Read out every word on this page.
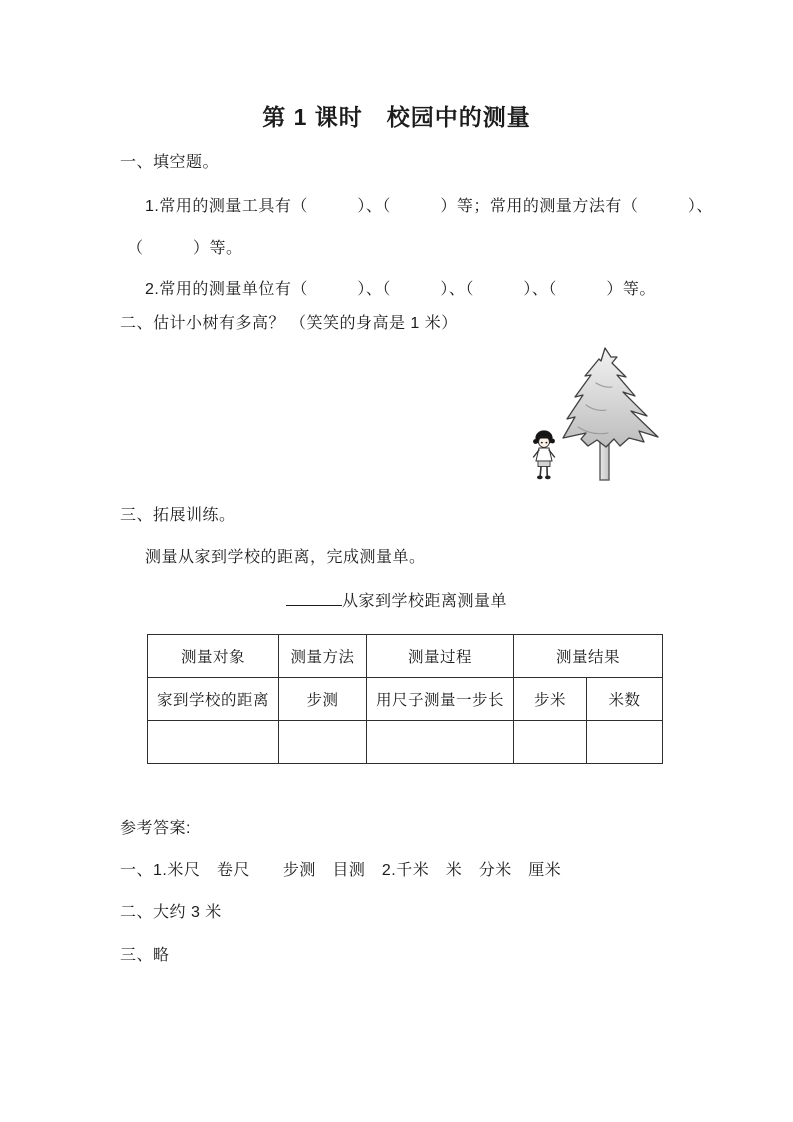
第 1 课时　校园中的测量
一、填空题。
1.常用的测量工具有（　　　）、（　　　）等；常用的测量方法有（　　　）、
（　　　）等。
2.常用的测量单位有（　　　）、（　　　）、（　　　）、（　　　）等。
二、估计小树有多高？ （笑笑的身高是 1 米）
三、拓展训练。
测量从家到学校的距离，完成测量单。
从家到学校距离测量单
测量对象	测量方法	测量过程	测量结果	
家到学校的距离	步测	用尺子测量一步长	步米	米数

参考答案:
一、1.米尺　卷尺　　步测　目测　2.千米　米　分米　厘米
二、大约 3 米
三、略
